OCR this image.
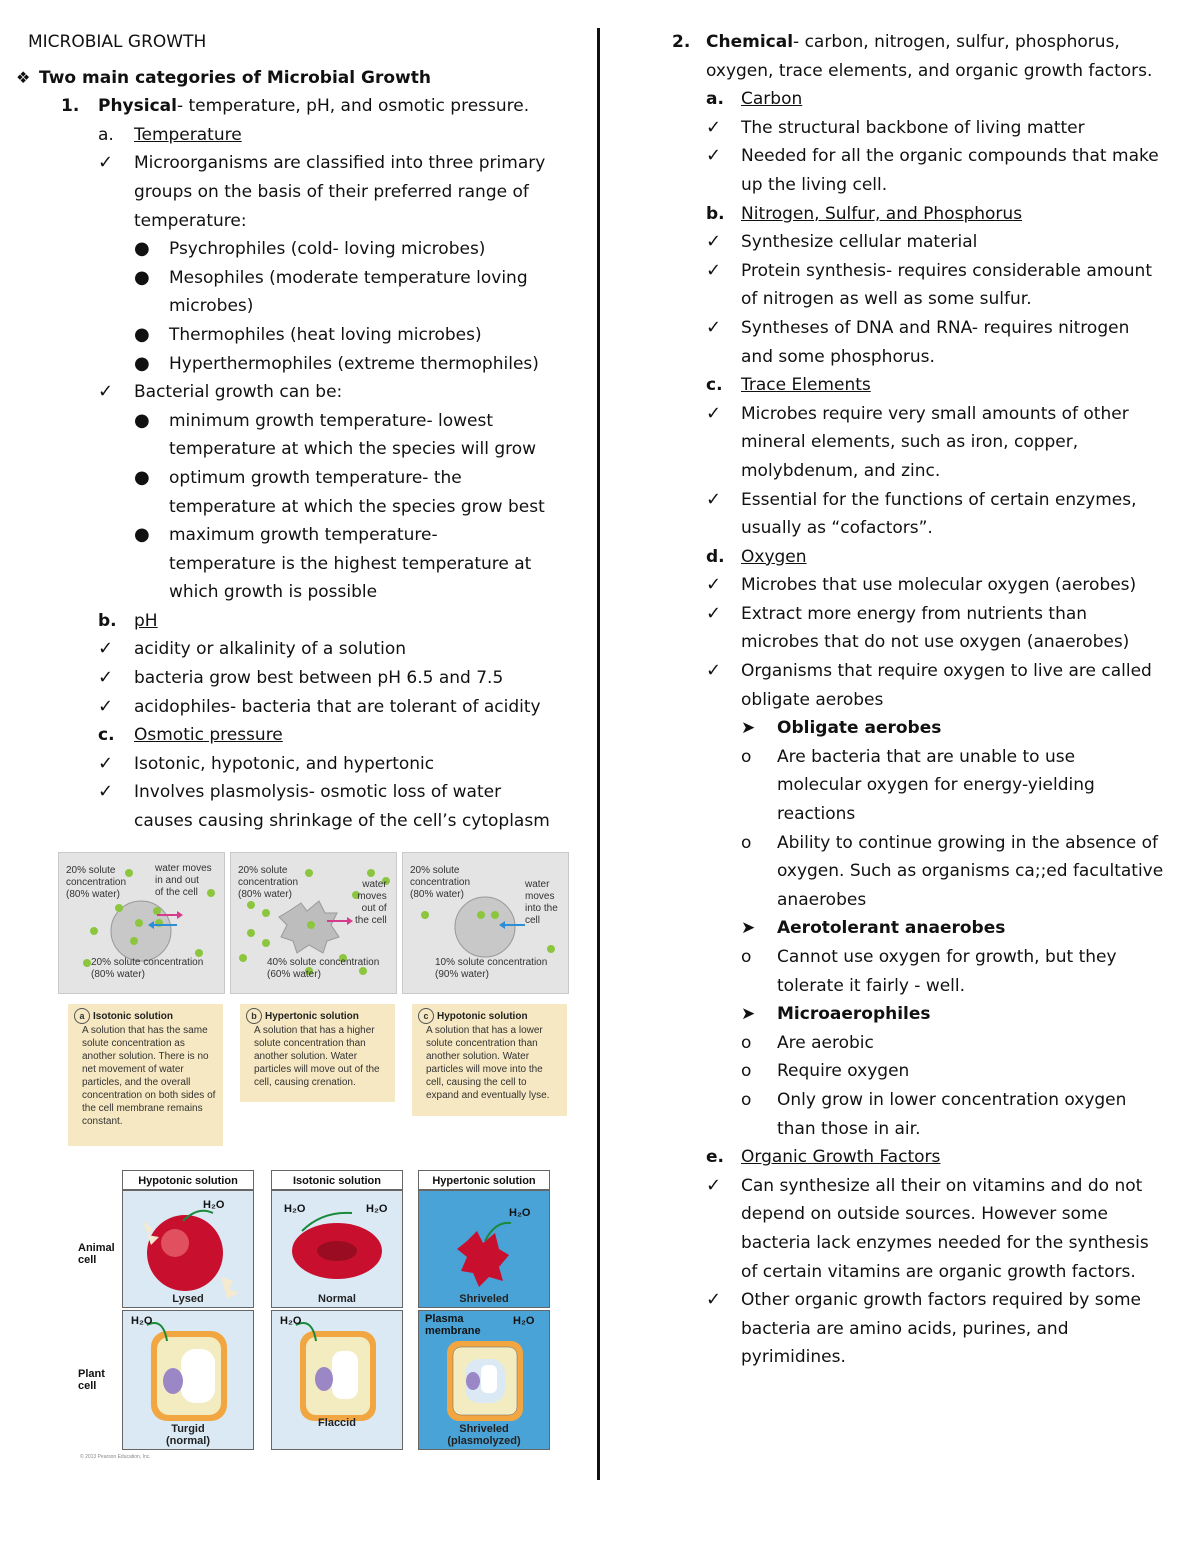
MICROBIAL GROWTH
❖ Two main categories of Microbial Growth
1.	Physical- temperature, pH, and osmotic pressure.
a.	Temperature
✓	Microorganisms are classified into three primary
groups on the basis of their preferred range of
temperature:
●	Psychrophiles (cold- loving microbes)
●	Mesophiles (moderate temperature loving
microbes)
●	Thermophiles (heat loving microbes)
●	Hyperthermophiles (extreme thermophiles)
✓	Bacterial growth can be:
●	minimum growth temperature- lowest
temperature at which the species will grow
●	optimum growth temperature- the
temperature at which the species grow best
●	maximum growth temperature-
temperature is the highest temperature at
which growth is possible
b.	pH
✓	acidity or alkalinity of a solution
✓	bacteria grow best between pH 6.5 and 7.5
✓	acidophiles- bacteria that are tolerant of acidity
c.	Osmotic pressure
✓	Isotonic, hypotonic, and hypertonic
✓	Involves plasmolysis- osmotic loss of water
causes causing shrinkage of the cell’s cytoplasm
20% solute
concentration
(80% water)
water moves
in and out
of the cell
20% solute concentration
(80% water)
20% solute
concentration
(80% water)
water
moves
out of
the cell
40% solute concentration
(60% water)
20% solute
concentration
(80% water)
water
moves
into the
cell
10% solute concentration
(90% water)
a Isotonic solution
A solution that has the same solute concentration as another solution. There is no net movement of water particles, and the overall concentration on both sides of the cell membrane remains constant.
b Hypertonic solution
A solution that has a higher solute concentration than another solution. Water particles will move out of the cell, causing crenation.
c Hypotonic solution
A solution that has a lower solute concentration than another solution. Water particles will move into the cell, causing the cell to expand and eventually lyse.
Animal
cell
Plant
cell
Hypotonic solution	Isotonic solution	Hypertonic solution
H₂O
Lysed
H₂O	H₂O
Normal
H₂O
Shriveled
H₂O
Turgid
(normal)
H₂O
Flaccid
Plasma
membrane
H₂O
Shriveled
(plasmolyzed)
© 2013 Pearson Education, Inc.
2. Chemical- carbon, nitrogen, sulfur, phosphorus,
oxygen, trace elements, and organic growth factors.
a.	Carbon
✓	The structural backbone of living matter
✓	Needed for all the organic compounds that make
up the living cell.
b. Nitrogen, Sulfur, and Phosphorus
✓	Synthesize cellular material
✓	Protein synthesis- requires considerable amount
of nitrogen as well as some sulfur.
✓	Syntheses of DNA and RNA- requires nitrogen
and some phosphorus.
c.	Trace Elements
✓	Microbes require very small amounts of other
mineral elements, such as iron, copper,
molybdenum, and zinc.
✓	Essential for the functions of certain enzymes,
usually as “cofactors”.
d. Oxygen
✓	Microbes that use molecular oxygen (aerobes)
✓	Extract more energy from nutrients than
microbes that do not use oxygen (anaerobes)
✓	Organisms that require oxygen to live are called
obligate aerobes
➤	Obligate aerobes
o	Are bacteria that are unable to use
molecular oxygen for energy-yielding
reactions
o	Ability to continue growing in the absence of
oxygen. Such as organisms ca;;ed facultative
anaerobes
➤	Aerotolerant anaerobes
o	Cannot use oxygen for growth, but they
tolerate it fairly - well.
➤	Microaerophiles
o	Are aerobic
o	Require oxygen
o	Only grow in lower concentration oxygen
than those in air.
e.	Organic Growth Factors
✓	Can synthesize all their on vitamins and do not
depend on outside sources. However some
bacteria lack enzymes needed for the synthesis
of certain vitamins are organic growth factors.
✓	Other organic growth factors required by some
bacteria are amino acids, purines, and
pyrimidines.
